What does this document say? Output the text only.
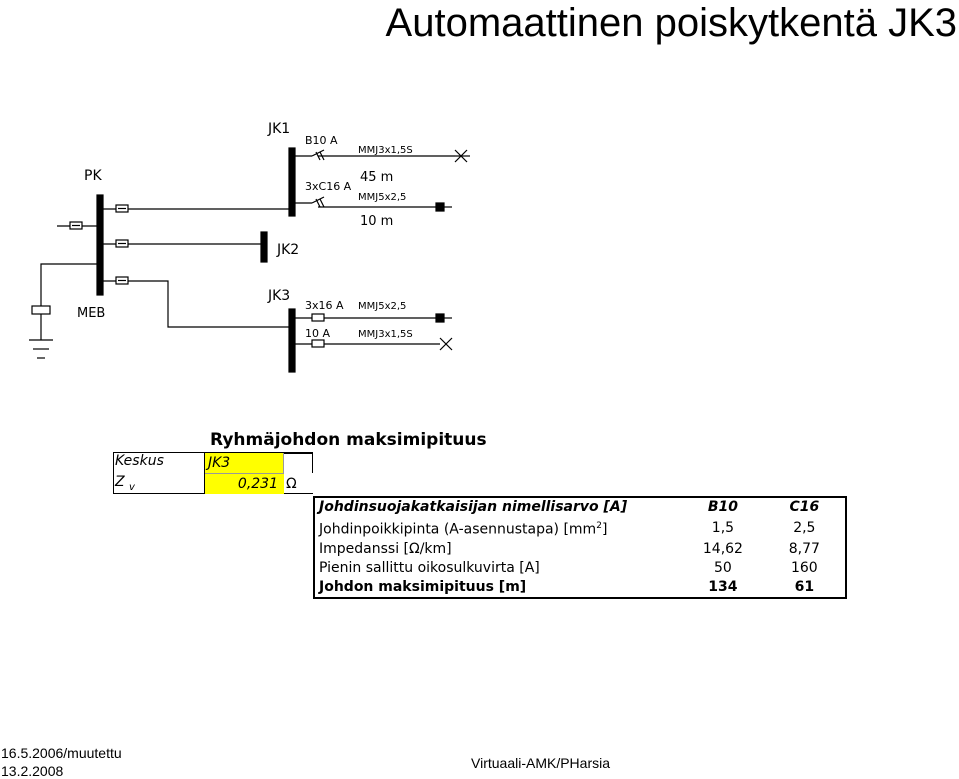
Automaattinen poiskytkentä JK3
PK
JK1
JK2
JK3
MEB
B10 A
MMJ3x1,5S
45 m
3xC16 A
MMJ5x2,5
10 m
3x16 A MMJ5x2,5
10 A	MMJ3x1,5S
Ryhmäjohdon maksimipituus
Keskus	JK3
Z $_v$	0,231 Ω
Johdinsuojakatkaisijan nimellisarvo [A]	B10	C16
Johdinpoikkipinta (A-asennustapa) $[mm^2]$	1,5	2,5
Impedanssi [Ω/km]	14,62	8,77
Pienin sallittu oikosulkuvirta [A]	50	160
Johdon maksimipituus [m]	134	61
16.5.2006/muutettu
13.2.2008	Virtuaali-AMK/PHarsia
